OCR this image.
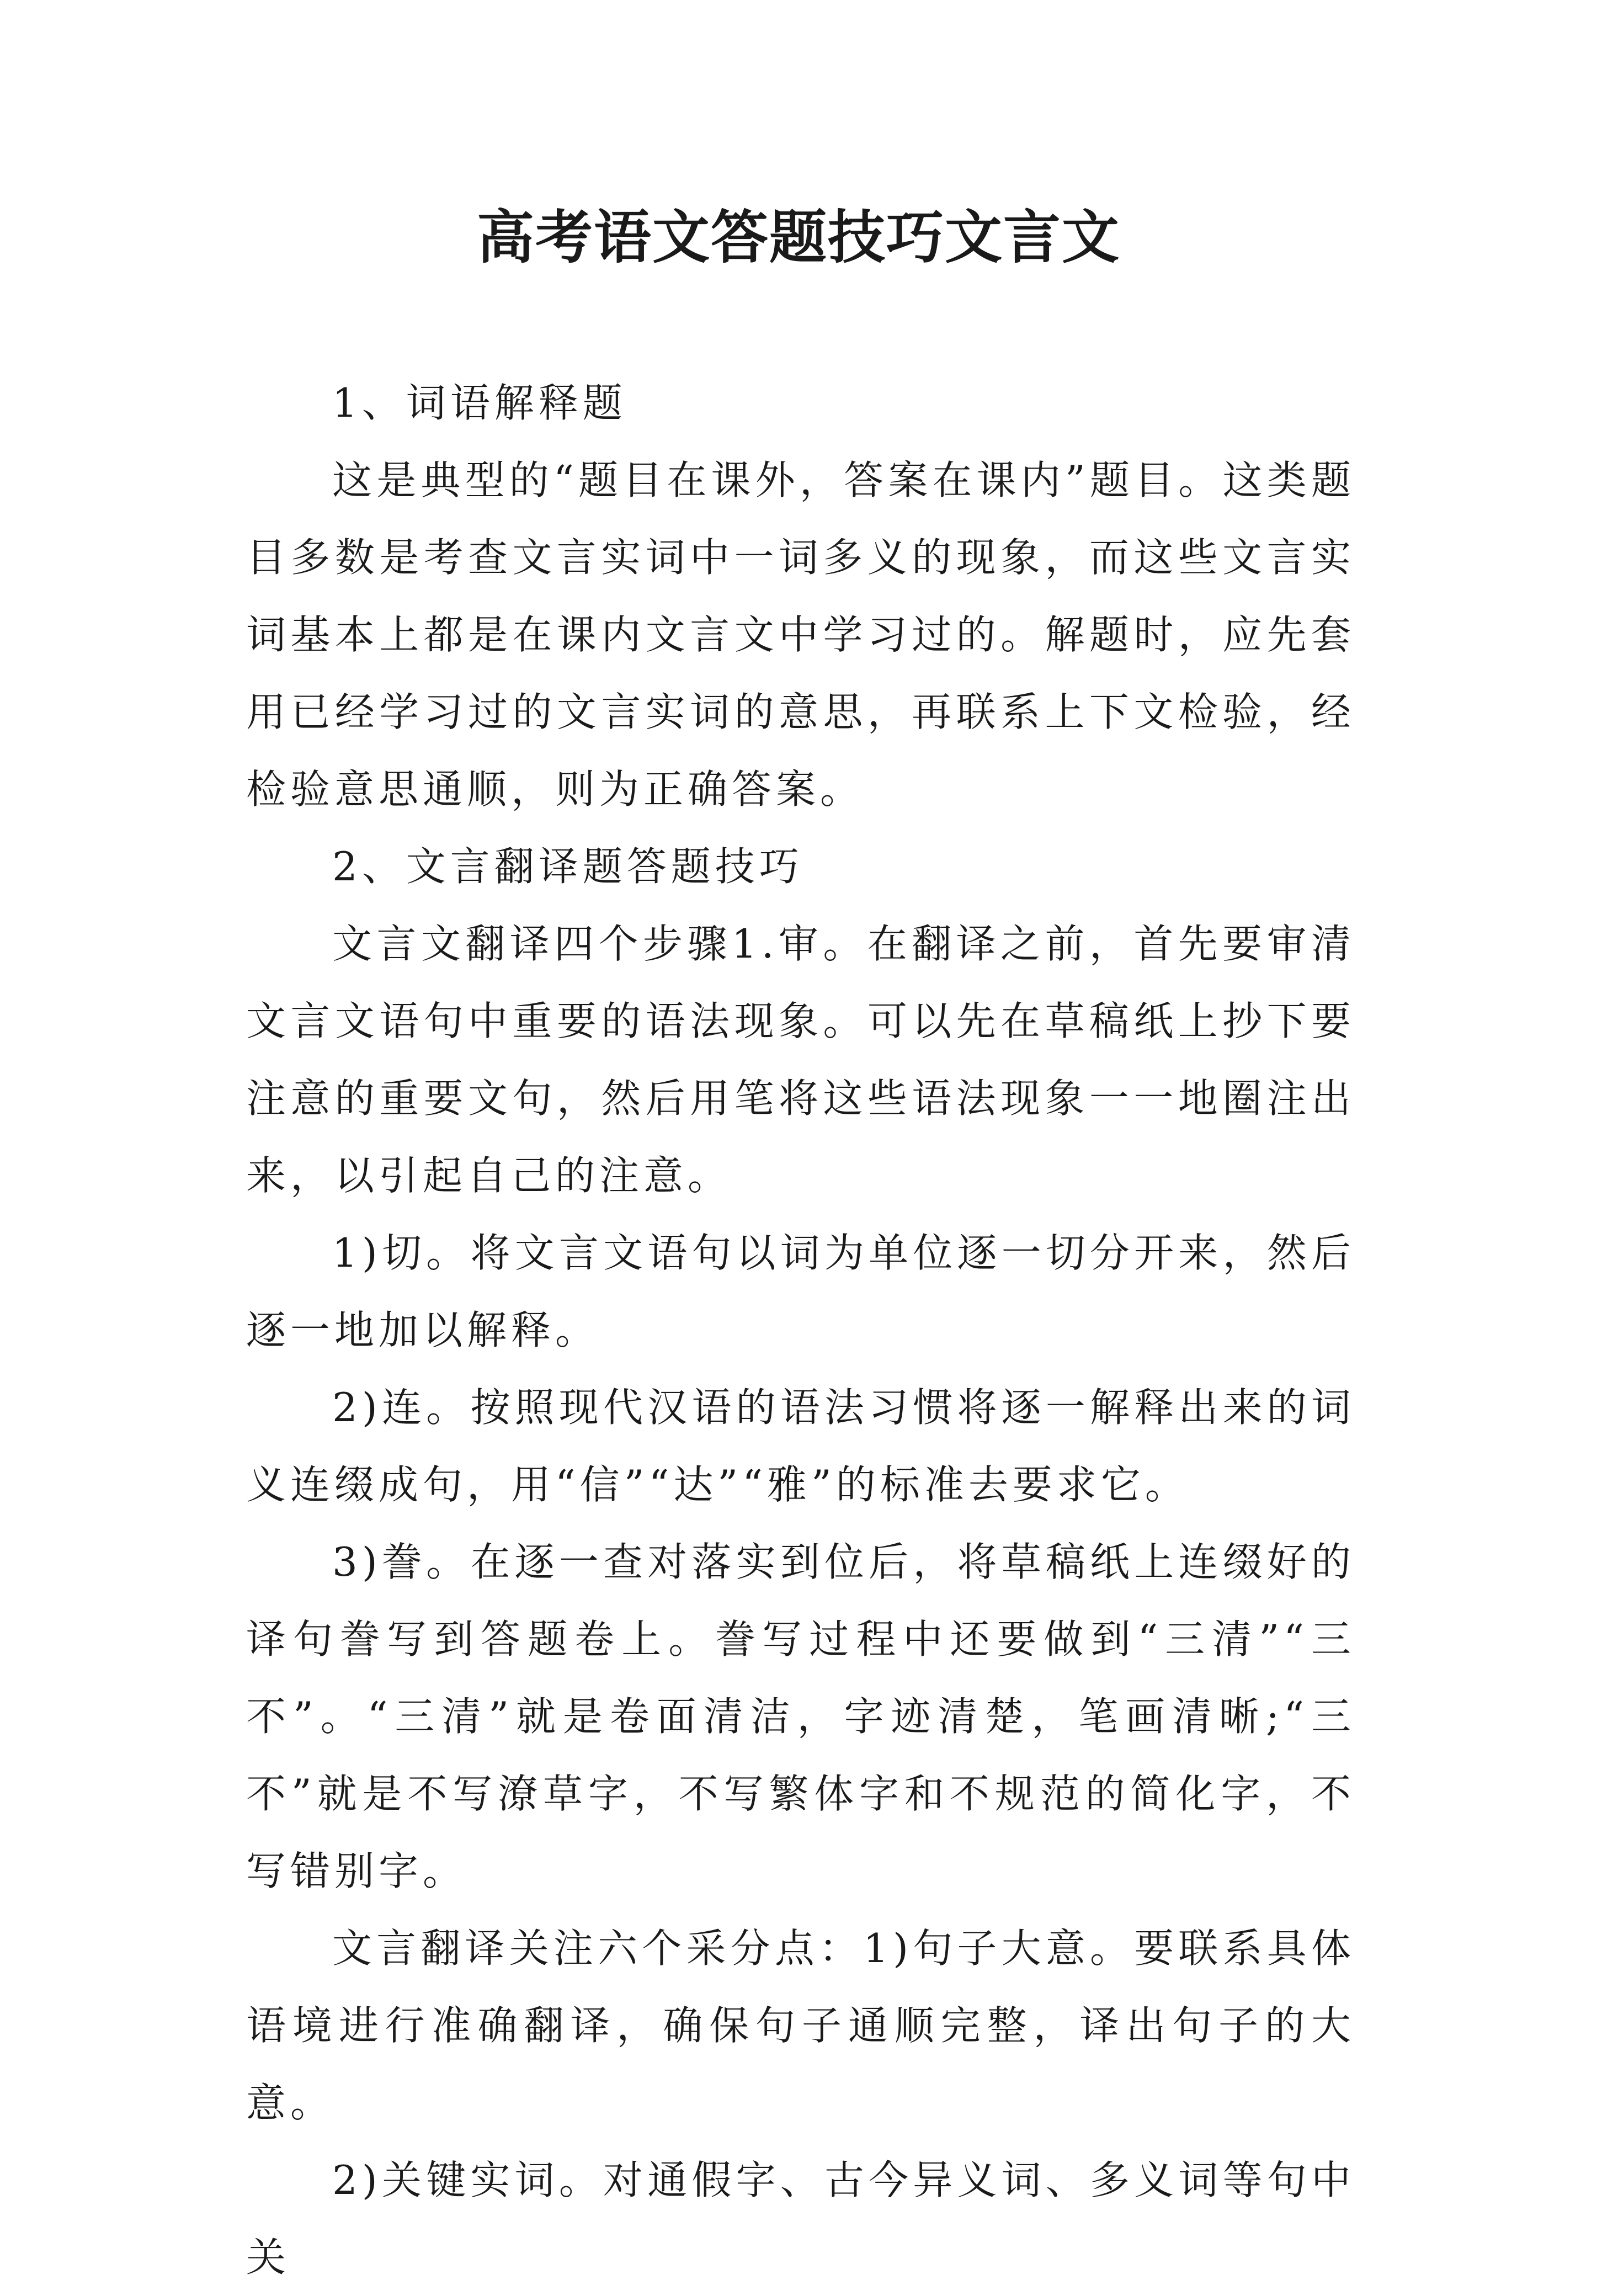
高考语文答题技巧文言文

1、词语解释题

这是典型的“题目在课外，答案在课内”题目。这类题目多数是考查文言实词中一词多义的现象，而这些文言实词基本上都是在课内文言文中学习过的。解题时，应先套用已经学习过的文言实词的意思，再联系上下文检验，经检验意思通顺，则为正确答案。

2、文言翻译题答题技巧

文言文翻译四个步骤1.审。在翻译之前，首先要审清文言文语句中重要的语法现象。可以先在草稿纸上抄下要注意的重要文句，然后用笔将这些语法现象一一地圈注出来，以引起自己的注意。

1)切。将文言文语句以词为单位逐一切分开来，然后逐一地加以解释。

2)连。按照现代汉语的语法习惯将逐一解释出来的词义连缀成句，用“信”“达”“雅”的标准去要求它。

3)誊。在逐一查对落实到位后，将草稿纸上连缀好的译句誊写到答题卷上。誊写过程中还要做到“三清”“三不”。“三清”就是卷面清洁，字迹清楚，笔画清晰;“三不”就是不写潦草字，不写繁体字和不规范的简化字，不写错别字。

文言翻译关注六个采分点：1)句子大意。要联系具体语境进行准确翻译，确保句子通顺完整，译出句子的大意。

2)关键实词。对通假字、古今异义词、多义词等句中关
